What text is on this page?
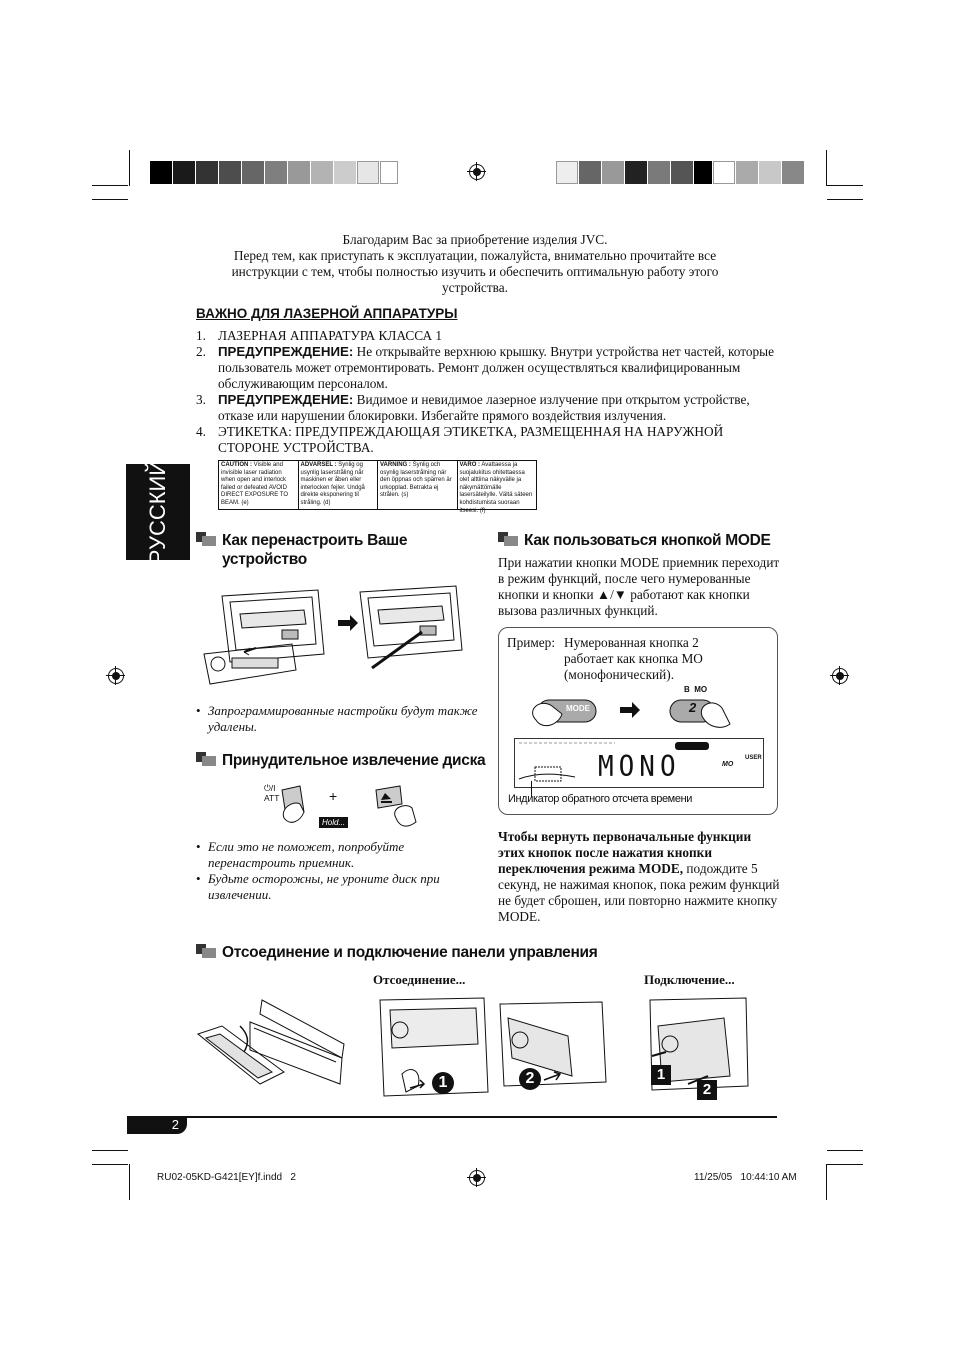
Благодарим Вас за приобретение изделия JVC.

Перед тем, как приступать к эксплуатации, пожалуйста, внимательно прочитайте все инструкции с тем, чтобы полностью изучить и обеспечить оптимальную работу этого устройства.

ВАЖНО ДЛЯ ЛАЗЕРНОЙ АППАРАТУРЫ
1. ЛАЗЕРНАЯ АППАРАТУРА КЛАССА 1
2. ПРЕДУПРЕЖДЕНИЕ: Не открывайте верхнюю крышку. Внутри устройства нет частей, которые пользователь может отремонтировать. Ремонт должен осуществляться квалифицированным обслуживающим персоналом.
3. ПРЕДУПРЕЖДЕНИЕ: Видимое и невидимое лазерное излучение при открытом устройстве, отказе или нарушении блокировки. Избегайте прямого воздействия излучения.
4. ЭТИКЕТКА: ПРЕДУПРЕЖДАЮЩАЯ ЭТИКЕТКА, РАЗМЕЩЕННАЯ НА НАРУЖНОЙ СТОРОНЕ УСТРОЙСТВА.
CAUTION : Visible and invisible laser radiation when open and interlock failed or defeated AVOID DIRECT EXPOSURE TO BEAM. (e)
ADVARSEL : Synlig og usynlig laserstråling når maskinen er åben eller interlocken fejler. Undgå direkte eksponering til stråling. (d)
VARNING : Synlig och osynlig laserstrålning när den öppnas och spärren är urkopplad. Betrakta ej strålen. (s)
VARO : Avattaessa ja suojalukitus ohitettaessa olet alttiina näkyvälle ja näkymättömälle lasersäteilylle. Vältä säteen kohdistumista suoraan itseesi. (f)
РУССКИЙ	Как перенастроить Ваше
устройство
• Запрограммированные настройки будут также удалены.
Принудительное извлечение диска
⏻/I
ATT	+
Hold...
• Если это не поможет, попробуйте перенастроить приемник.
• Будьте осторожны, не уроните диск при извлечении.
Как пользоваться кнопкой MODE
При нажатии кнопки MODE приемник переходит в режим функций, после чего нумерованные кнопки и кнопки ▲/▼ работают как кнопки вызова различных функций.
Пример: Нумерованная кнопка 2
работает как кнопка MO
(монофонический).
MODE	2
B  MO
MONO	MO
USER
Индикатор обратного отсчета времени
Чтобы вернуть первоначальные функции этих кнопок после нажатия кнопки переключения режима MODE, подождите 5 секунд, не нажимая кнопок, пока режим функций не будет сброшен, или повторно нажмите кнопку MODE.
Отсоединение и подключение панели управления
Отсоединение...	Подключение...
1	2	1
2
2
RU02-05KD-G421[EY]f.indd   2	11/25/05   10:44:10 AM
